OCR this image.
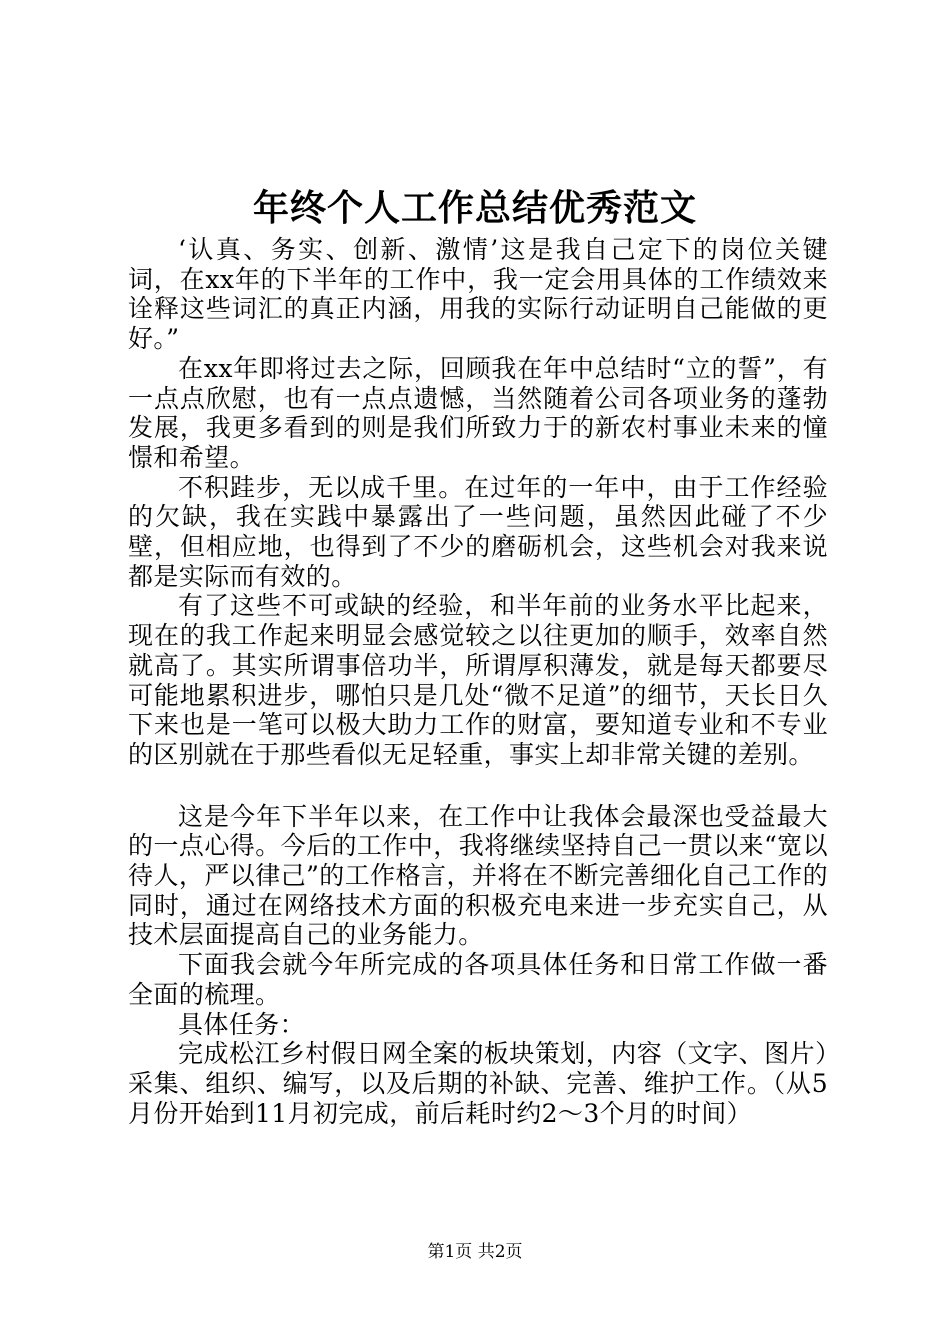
年终个人工作总结优秀范文

‘认真、务实、创新、激情’这是我自己定下的岗位关键词，在xx年的下半年的工作中，我一定会用具体的工作绩效来诠释这些词汇的真正内涵，用我的实际行动证明自己能做的更好。”

在xx年即将过去之际，回顾我在年中总结时“立的誓”，有一点点欣慰，也有一点点遗憾，当然随着公司各项业务的蓬勃发展，我更多看到的则是我们所致力于的新农村事业未来的憧憬和希望。

不积跬步，无以成千里。在过年的一年中，由于工作经验的欠缺，我在实践中暴露出了一些问题，虽然因此碰了不少壁，但相应地，也得到了不少的磨砺机会，这些机会对我来说都是实际而有效的。

有了这些不可或缺的经验，和半年前的业务水平比起来，现在的我工作起来明显会感觉较之以往更加的顺手，效率自然就高了。其实所谓事倍功半，所谓厚积薄发，就是每天都要尽可能地累积进步，哪怕只是几处“微不足道”的细节，天长日久下来也是一笔可以极大助力工作的财富，要知道专业和不专业的区别就在于那些看似无足轻重，事实上却非常关键的差别。

这是今年下半年以来，在工作中让我体会最深也受益最大的一点心得。今后的工作中，我将继续坚持自己一贯以来“宽以待人，严以律己”的工作格言，并将在不断完善细化自己工作的同时，通过在网络技术方面的积极充电来进一步充实自己，从技术层面提高自己的业务能力。

下面我会就今年所完成的各项具体任务和日常工作做一番全面的梳理。

具体任务：

完成松江乡村假日网全案的板块策划，内容（文字、图片）采集、组织、编写，以及后期的补缺、完善、维护工作。（从5月份开始到11月初完成，前后耗时约2～3个月的时间）

第1页 共2页
